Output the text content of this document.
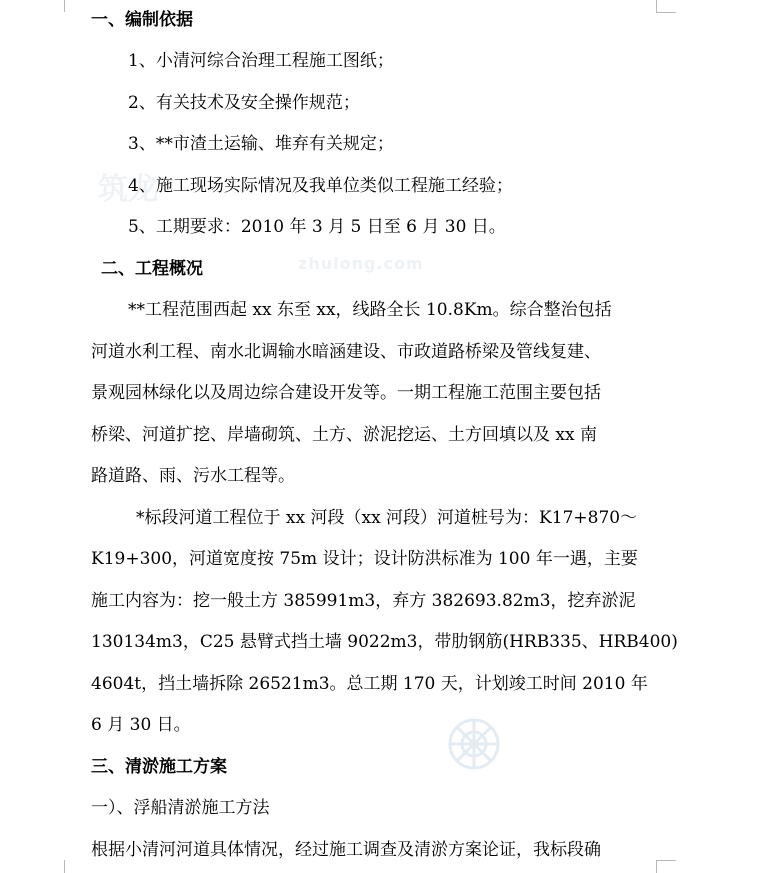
筑龙
zhulong.com
一、编制依据
1、小清河综合治理工程施工图纸；
2、有关技术及安全操作规范；
3、**市渣土运输、堆弃有关规定；
4、施工现场实际情况及我单位类似工程施工经验；
5、工期要求：2010 年 3 月 5 日至 6 月 30 日。
二、工程概况
**工程范围西起 xx 东至 xx，线路全长 10.8Km。综合整治包括
河道水利工程、南水北调输水暗涵建设、市政道路桥梁及管线复建、
景观园林绿化以及周边综合建设开发等。一期工程施工范围主要包括
桥梁、河道扩挖、岸墙砌筑、土方、淤泥挖运、土方回填以及 xx 南
路道路、雨、污水工程等。
*标段河道工程位于 xx 河段（xx 河段）河道桩号为：K17+870～
K19+300，河道宽度按 75m 设计；设计防洪标准为 100 年一遇，主要
施工内容为：挖一般土方 385991m3，弃方 382693.82m3，挖弃淤泥
130134m3，C25 悬臂式挡土墙 9022m3，带肋钢筋(HRB335、HRB400)
4604t，挡土墙拆除 26521m3。总工期 170 天，计划竣工时间 2010 年
6 月 30 日。
三、清淤施工方案
一）、浮船清淤施工方法
根据小清河河道具体情况，经过施工调查及清淤方案论证，我标段确
